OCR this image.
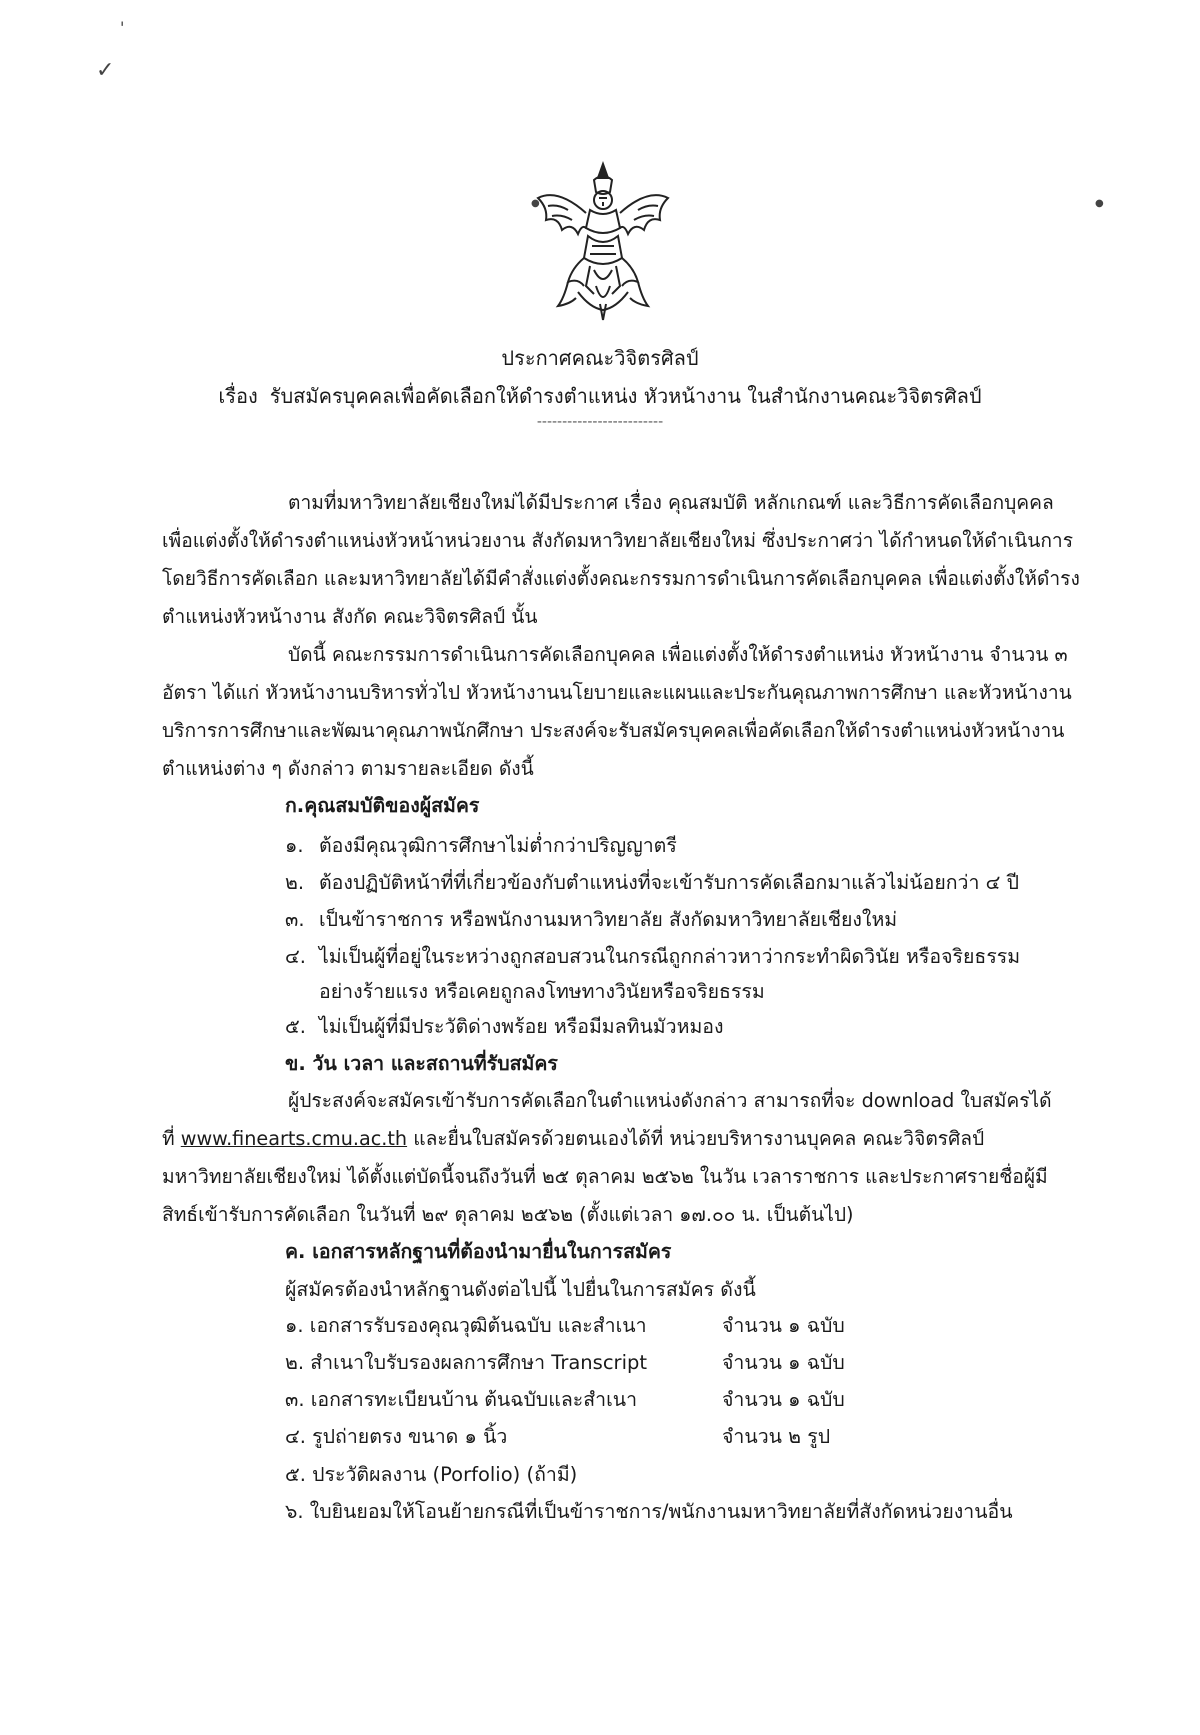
'
✓
●	●
ประกาศคณะวิจิตรศิลป์
เรื่อง รับสมัครบุคคลเพื่อคัดเลือกให้ดำรงตำแหน่ง หัวหน้างาน ในสำนักงานคณะวิจิตรศิลป์
-------------------------
ตามที่มหาวิทยาลัยเชียงใหม่ได้มีประกาศ เรื่อง คุณสมบัติ หลักเกณฑ์ และวิธีการคัดเลือกบุคคล
เพื่อแต่งตั้งให้ดำรงตำแหน่งหัวหน้าหน่วยงาน สังกัดมหาวิทยาลัยเชียงใหม่ ซึ่งประกาศว่า ได้กำหนดให้ดำเนินการ
โดยวิธีการคัดเลือก และมหาวิทยาลัยได้มีคำสั่งแต่งตั้งคณะกรรมการดำเนินการคัดเลือกบุคคล เพื่อแต่งตั้งให้ดำรง
ตำแหน่งหัวหน้างาน สังกัด คณะวิจิตรศิลป์ นั้น
บัดนี้ คณะกรรมการดำเนินการคัดเลือกบุคคล เพื่อแต่งตั้งให้ดำรงตำแหน่ง หัวหน้างาน จำนวน ๓
อัตรา ได้แก่ หัวหน้างานบริหารทั่วไป หัวหน้างานนโยบายและแผนและประกันคุณภาพการศึกษา และหัวหน้างาน
บริการการศึกษาและพัฒนาคุณภาพนักศึกษา ประสงค์จะรับสมัครบุคคลเพื่อคัดเลือกให้ดำรงตำแหน่งหัวหน้างาน
ตำแหน่งต่าง ๆ ดังกล่าว ตามรายละเอียด ดังนี้
ก.คุณสมบัติของผู้สมัคร
๑. ต้องมีคุณวุฒิการศึกษาไม่ต่ำกว่าปริญญาตรี
๒. ต้องปฏิบัติหน้าที่ที่เกี่ยวข้องกับตำแหน่งที่จะเข้ารับการคัดเลือกมาแล้วไม่น้อยกว่า ๔ ปี
๓. เป็นข้าราชการ หรือพนักงานมหาวิทยาลัย สังกัดมหาวิทยาลัยเชียงใหม่
๔. ไม่เป็นผู้ที่อยู่ในระหว่างถูกสอบสวนในกรณีถูกกล่าวหาว่ากระทำผิดวินัย หรือจริยธรรม
อย่างร้ายแรง หรือเคยถูกลงโทษทางวินัยหรือจริยธรรม
๕. ไม่เป็นผู้ที่มีประวัติด่างพร้อย หรือมีมลทินมัวหมอง
ข. วัน เวลา และสถานที่รับสมัคร
ผู้ประสงค์จะสมัครเข้ารับการคัดเลือกในตำแหน่งดังกล่าว สามารถที่จะ download ใบสมัครได้
ที่ www.finearts.cmu.ac.th และยื่นใบสมัครด้วยตนเองได้ที่ หน่วยบริหารงานบุคคล คณะวิจิตรศิลป์
มหาวิทยาลัยเชียงใหม่ ได้ตั้งแต่บัดนี้จนถึงวันที่ ๒๕ ตุลาคม ๒๕๖๒ ในวัน เวลาราชการ และประกาศรายชื่อผู้มี
สิทธ์เข้ารับการคัดเลือก ในวันที่ ๒๙ ตุลาคม ๒๕๖๒ (ตั้งแต่เวลา ๑๗.๐๐ น. เป็นต้นไป)
ค. เอกสารหลักฐานที่ต้องนำมายื่นในการสมัคร
ผู้สมัครต้องนำหลักฐานดังต่อไปนี้ ไปยื่นในการสมัคร ดังนี้
๑. เอกสารรับรองคุณวุฒิต้นฉบับ และสำเนา	จำนวน ๑ ฉบับ
๒. สำเนาใบรับรองผลการศึกษา Transcript	จำนวน ๑ ฉบับ
๓. เอกสารทะเบียนบ้าน ต้นฉบับและสำเนา	จำนวน ๑ ฉบับ
๔. รูปถ่ายตรง ขนาด ๑ นิ้ว	จำนวน ๒ รูป
๕. ประวัติผลงาน (Porfolio) (ถ้ามี)
๖. ใบยินยอมให้โอนย้ายกรณีที่เป็นข้าราชการ/พนักงานมหาวิทยาลัยที่สังกัดหน่วยงานอื่น
